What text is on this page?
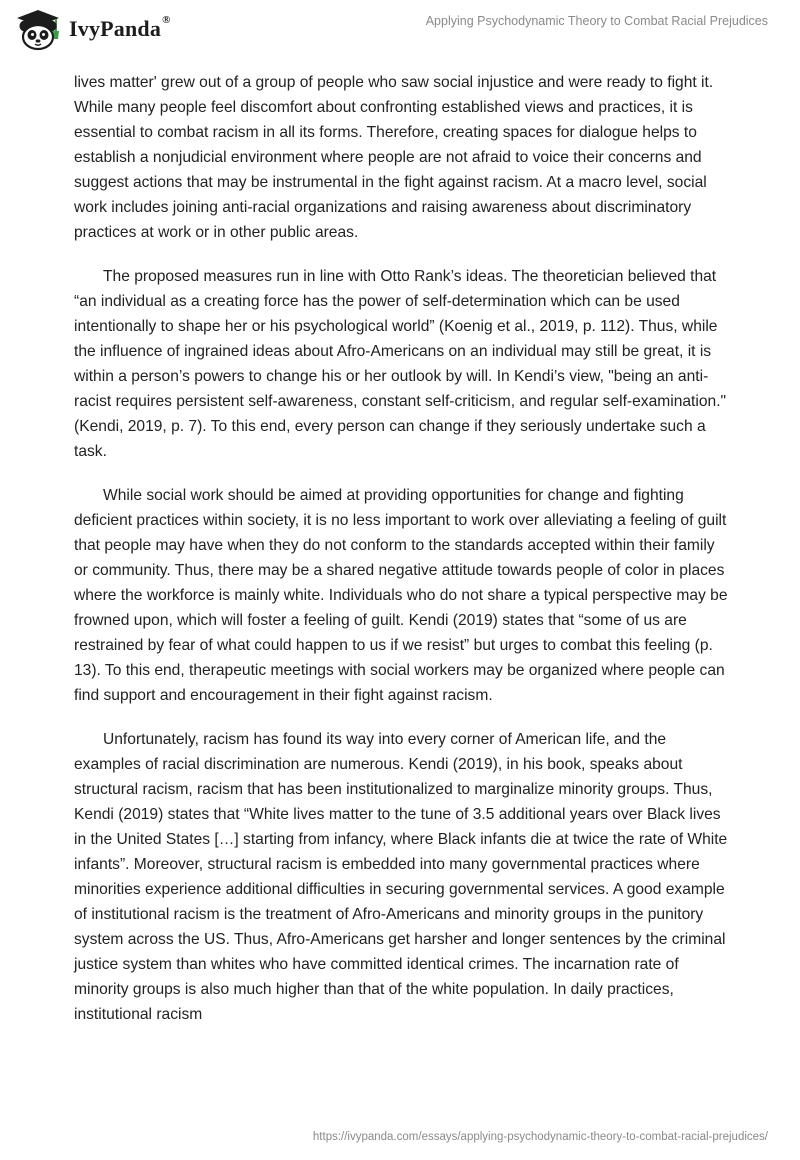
IvyPanda®	Applying Psychodynamic Theory to Combat Racial Prejudices

lives matter' grew out of a group of people who saw social injustice and were ready to fight it. While many people feel discomfort about confronting established views and practices, it is essential to combat racism in all its forms. Therefore, creating spaces for dialogue helps to establish a nonjudicial environment where people are not afraid to voice their concerns and suggest actions that may be instrumental in the fight against racism. At a macro level, social work includes joining anti-racial organizations and raising awareness about discriminatory practices at work or in other public areas.

The proposed measures run in line with Otto Rank’s ideas. The theoretician believed that “an individual as a creating force has the power of self-determination which can be used intentionally to shape her or his psychological world” (Koenig et al., 2019, p. 112). Thus, while the influence of ingrained ideas about Afro-Americans on an individual may still be great, it is within a person’s powers to change his or her outlook by will. In Kendi’s view, "being an anti-racist requires persistent self-awareness, constant self-criticism, and regular self-examination." (Kendi, 2019, p. 7). To this end, every person can change if they seriously undertake such a task.

While social work should be aimed at providing opportunities for change and fighting deficient practices within society, it is no less important to work over alleviating a feeling of guilt that people may have when they do not conform to the standards accepted within their family or community. Thus, there may be a shared negative attitude towards people of color in places where the workforce is mainly white. Individuals who do not share a typical perspective may be frowned upon, which will foster a feeling of guilt. Kendi (2019) states that “some of us are restrained by fear of what could happen to us if we resist” but urges to combat this feeling (p. 13). To this end, therapeutic meetings with social workers may be organized where people can find support and encouragement in their fight against racism.

Unfortunately, racism has found its way into every corner of American life, and the examples of racial discrimination are numerous. Kendi (2019), in his book, speaks about structural racism, racism that has been institutionalized to marginalize minority groups. Thus, Kendi (2019) states that “White lives matter to the tune of 3.5 additional years over Black lives in the United States […] starting from infancy, where Black infants die at twice the rate of White infants”. Moreover, structural racism is embedded into many governmental practices where minorities experience additional difficulties in securing governmental services. A good example of institutional racism is the treatment of Afro-Americans and minority groups in the punitory system across the US. Thus, Afro-Americans get harsher and longer sentences by the criminal justice system than whites who have committed identical crimes. The incarnation rate of minority groups is also much higher than that of the white population. In daily practices, institutional racism

https://ivypanda.com/essays/applying-psychodynamic-theory-to-combat-racial-prejudices/
